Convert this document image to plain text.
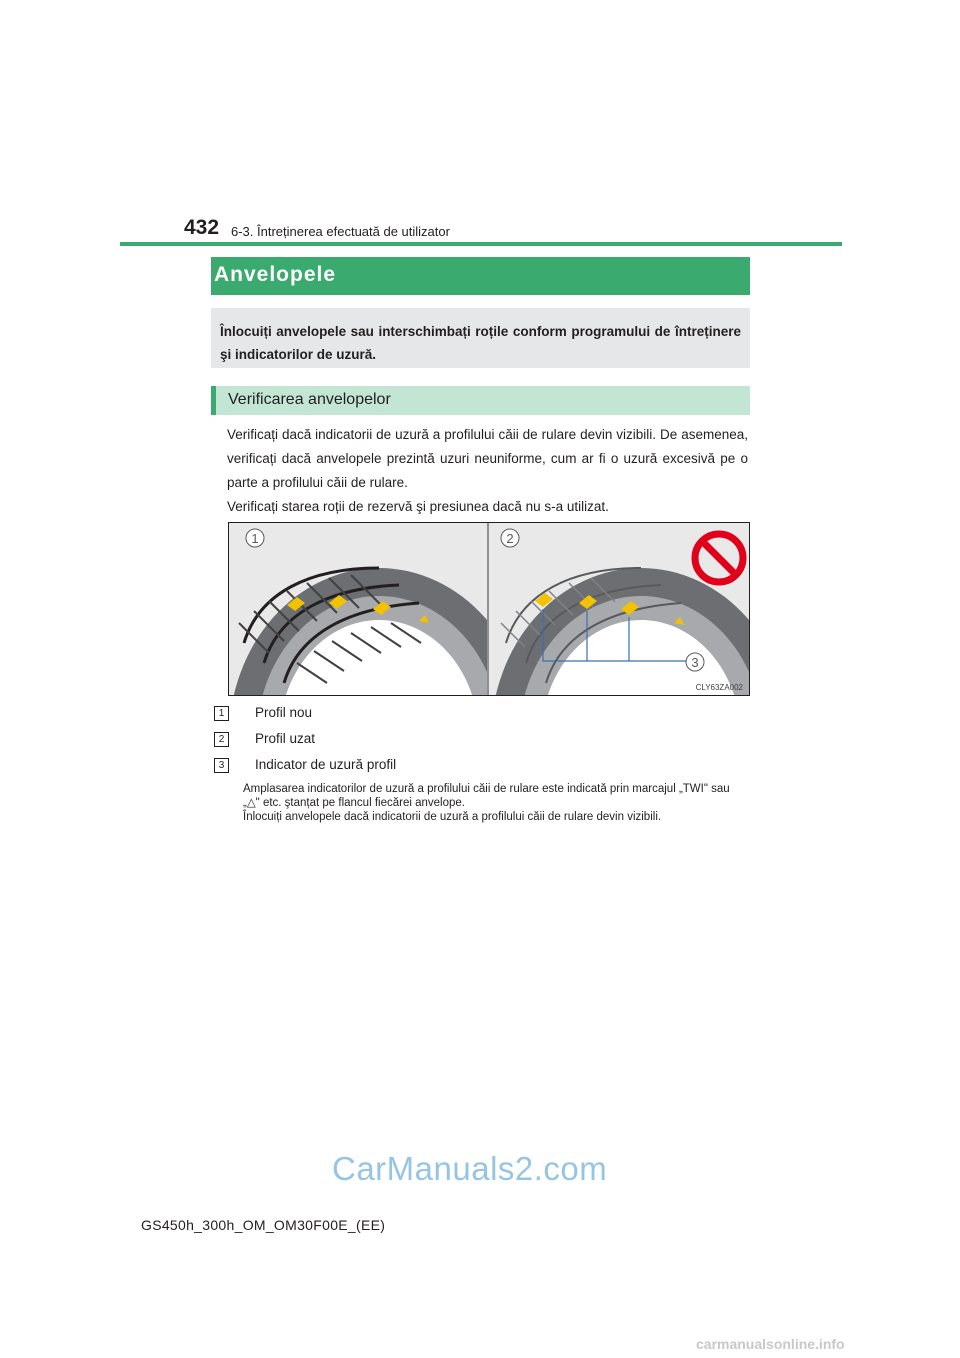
432 6-3. Întreținerea efectuată de utilizator
Anvelopele
Înlocuiți anvelopele sau interschimbați roțile conform programului de întreținere şi indicatorilor de uzură.
Verificarea anvelopelor

Verificați dacă indicatorii de uzură a profilului căii de rulare devin vizibili. De asemenea, verificați dacă anvelopele prezintă uzuri neuniforme, cum ar fi o uzură excesivă pe o parte a profilului căii de rulare.

Verificați starea roții de rezervă şi presiunea dacă nu s-a utilizat.

1	2
3
CLY63ZA002
1	Profil nou
2	Profil uzat
3	Indicator de uzură profil

Amplasarea indicatorilor de uzură a profilului căii de rulare este indicată prin marcajul „TWI" sau „△" etc. ştanțat pe flancul fiecărei anvelope.

Înlocuiți anvelopele dacă indicatorii de uzură a profilului căii de rulare devin vizibili.

CarManuals2.com
GS450h_300h_OM_OM30F00E_(EE)
carmanualsonline.info
